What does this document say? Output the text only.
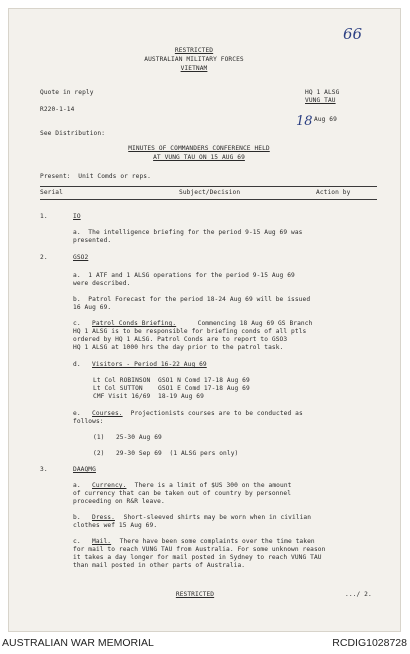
66
RESTRICTED
AUSTRALIAN MILITARY FORCES
VIETNAM
Quote in reply	HQ 1 ALSG
VUNG TAU
R220-1-14
18 Aug 69
See Distribution:
MINUTES OF COMMANDERS CONFERENCE HELD
AT VUNG TAU ON 15 AUG 69
Present:  Unit Comds or reps.
Serial	Subject/Decision	Action by
1.	IO
a.  The intelligence briefing for the period 9-15 Aug 69 was
presented.
2.	GSO2
a.  1 ATF and 1 ALSG operations for the period 9-15 Aug 69
were described.
b.  Patrol Forecast for the period 18-24 Aug 69 will be issued
16 Aug 69.
c. Patrol Conds Briefing. Commencing 18 Aug 69 GS Branch
HQ 1 ALSG is to be responsible for briefing conds of all ptls
ordered by HQ 1 ALSG. Patrol Conds are to report to GSO3
HQ 1 ALSG at 1000 hrs the day prior to the patrol task.
d. Visitors - Period 16-22 Aug 69
Lt Col ROBINSON  GSO1 N Comd 17-18 Aug 69
Lt Col SUTTON    GSO1 E Comd 17-18 Aug 69
CMF Visit 16/69  18-19 Aug 69
e. Courses. Projectionists courses are to be conducted as
follows:
(1)   25-30 Aug 69
(2)   29-30 Sep 69  (1 ALSG pers only)
3.	DAAQMG
a. Currency. There is a limit of $US 300 on the amount
of currency that can be taken out of country by personnel
proceeding on R&R leave.
b. Dress. Short-sleeved shirts may be worn when in civilian
clothes wef 15 Aug 69.
c. Mail. There have been some complaints over the time taken
for mail to reach VUNG TAU from Australia. For some unknown reason
it takes a day longer for mail posted in Sydney to reach VUNG TAU
than mail posted in other parts of Australia.
RESTRICTED	.../ 2.
AUSTRALIAN WAR MEMORIAL	RCDIG1028728
